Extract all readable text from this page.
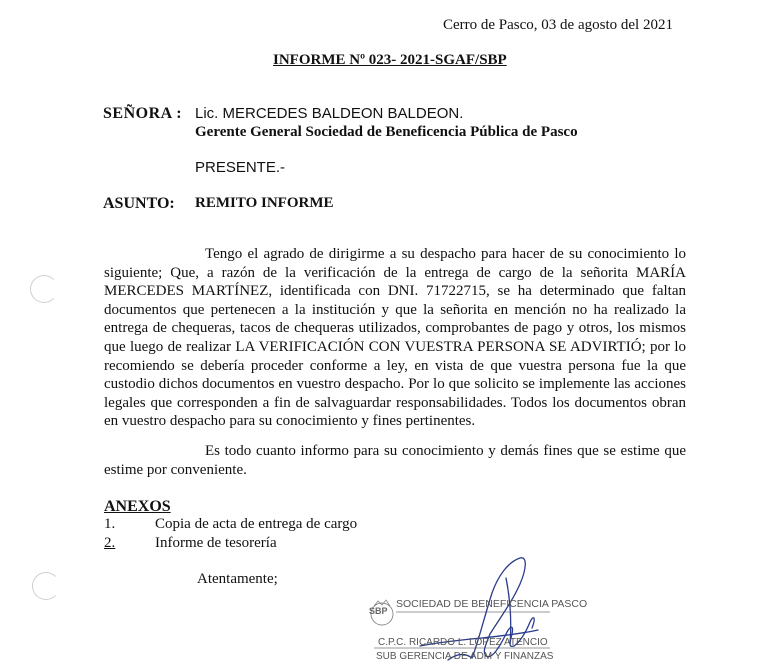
Cerro de Pasco, 03 de agosto del 2021
INFORME Nº 023- 2021-SGAF/SBP
SEÑORA : Lic. MERCEDES BALDEON BALDEON.
Gerente General Sociedad de Beneficencia Pública de Pasco
PRESENTE.-
ASUNTO: REMITO INFORME
Tengo el agrado de dirigirme a su despacho para hacer de su conocimiento lo siguiente; Que, a razón de la verificación de la entrega de cargo de la señorita MARÍA MERCEDES MARTÍNEZ, identificada con DNI. 71722715, se ha determinado que faltan documentos que pertenecen a la institución y que la señorita en mención no ha realizado la entrega de chequeras, tacos de chequeras utilizados, comprobantes de pago y otros, los mismos que luego de realizar LA VERIFICACIÓN CON VUESTRA PERSONA SE ADVIRTIÓ; por lo recomiendo se debería proceder conforme a ley, en vista de que vuestra persona fue la que custodio dichos documentos en vuestro despacho. Por lo que solicito se implemente las acciones legales que corresponden a fin de salvaguardar responsabilidades. Todos los documentos obran en vuestro despacho para su conocimiento y fines pertinentes.
Es todo cuanto informo para su conocimiento y demás fines que se estime que estime por conveniente.
ANEXOS
1.	Copia de acta de entrega de cargo
2.	Informe de tesorería
Atentamente;
SBP
SOCIEDAD DE BENEFICENCIA PASCO
C.P.C. RICARDO L. LÓPEZ ATENCIO
SUB GERENCIA DE ADM Y FINANZAS
